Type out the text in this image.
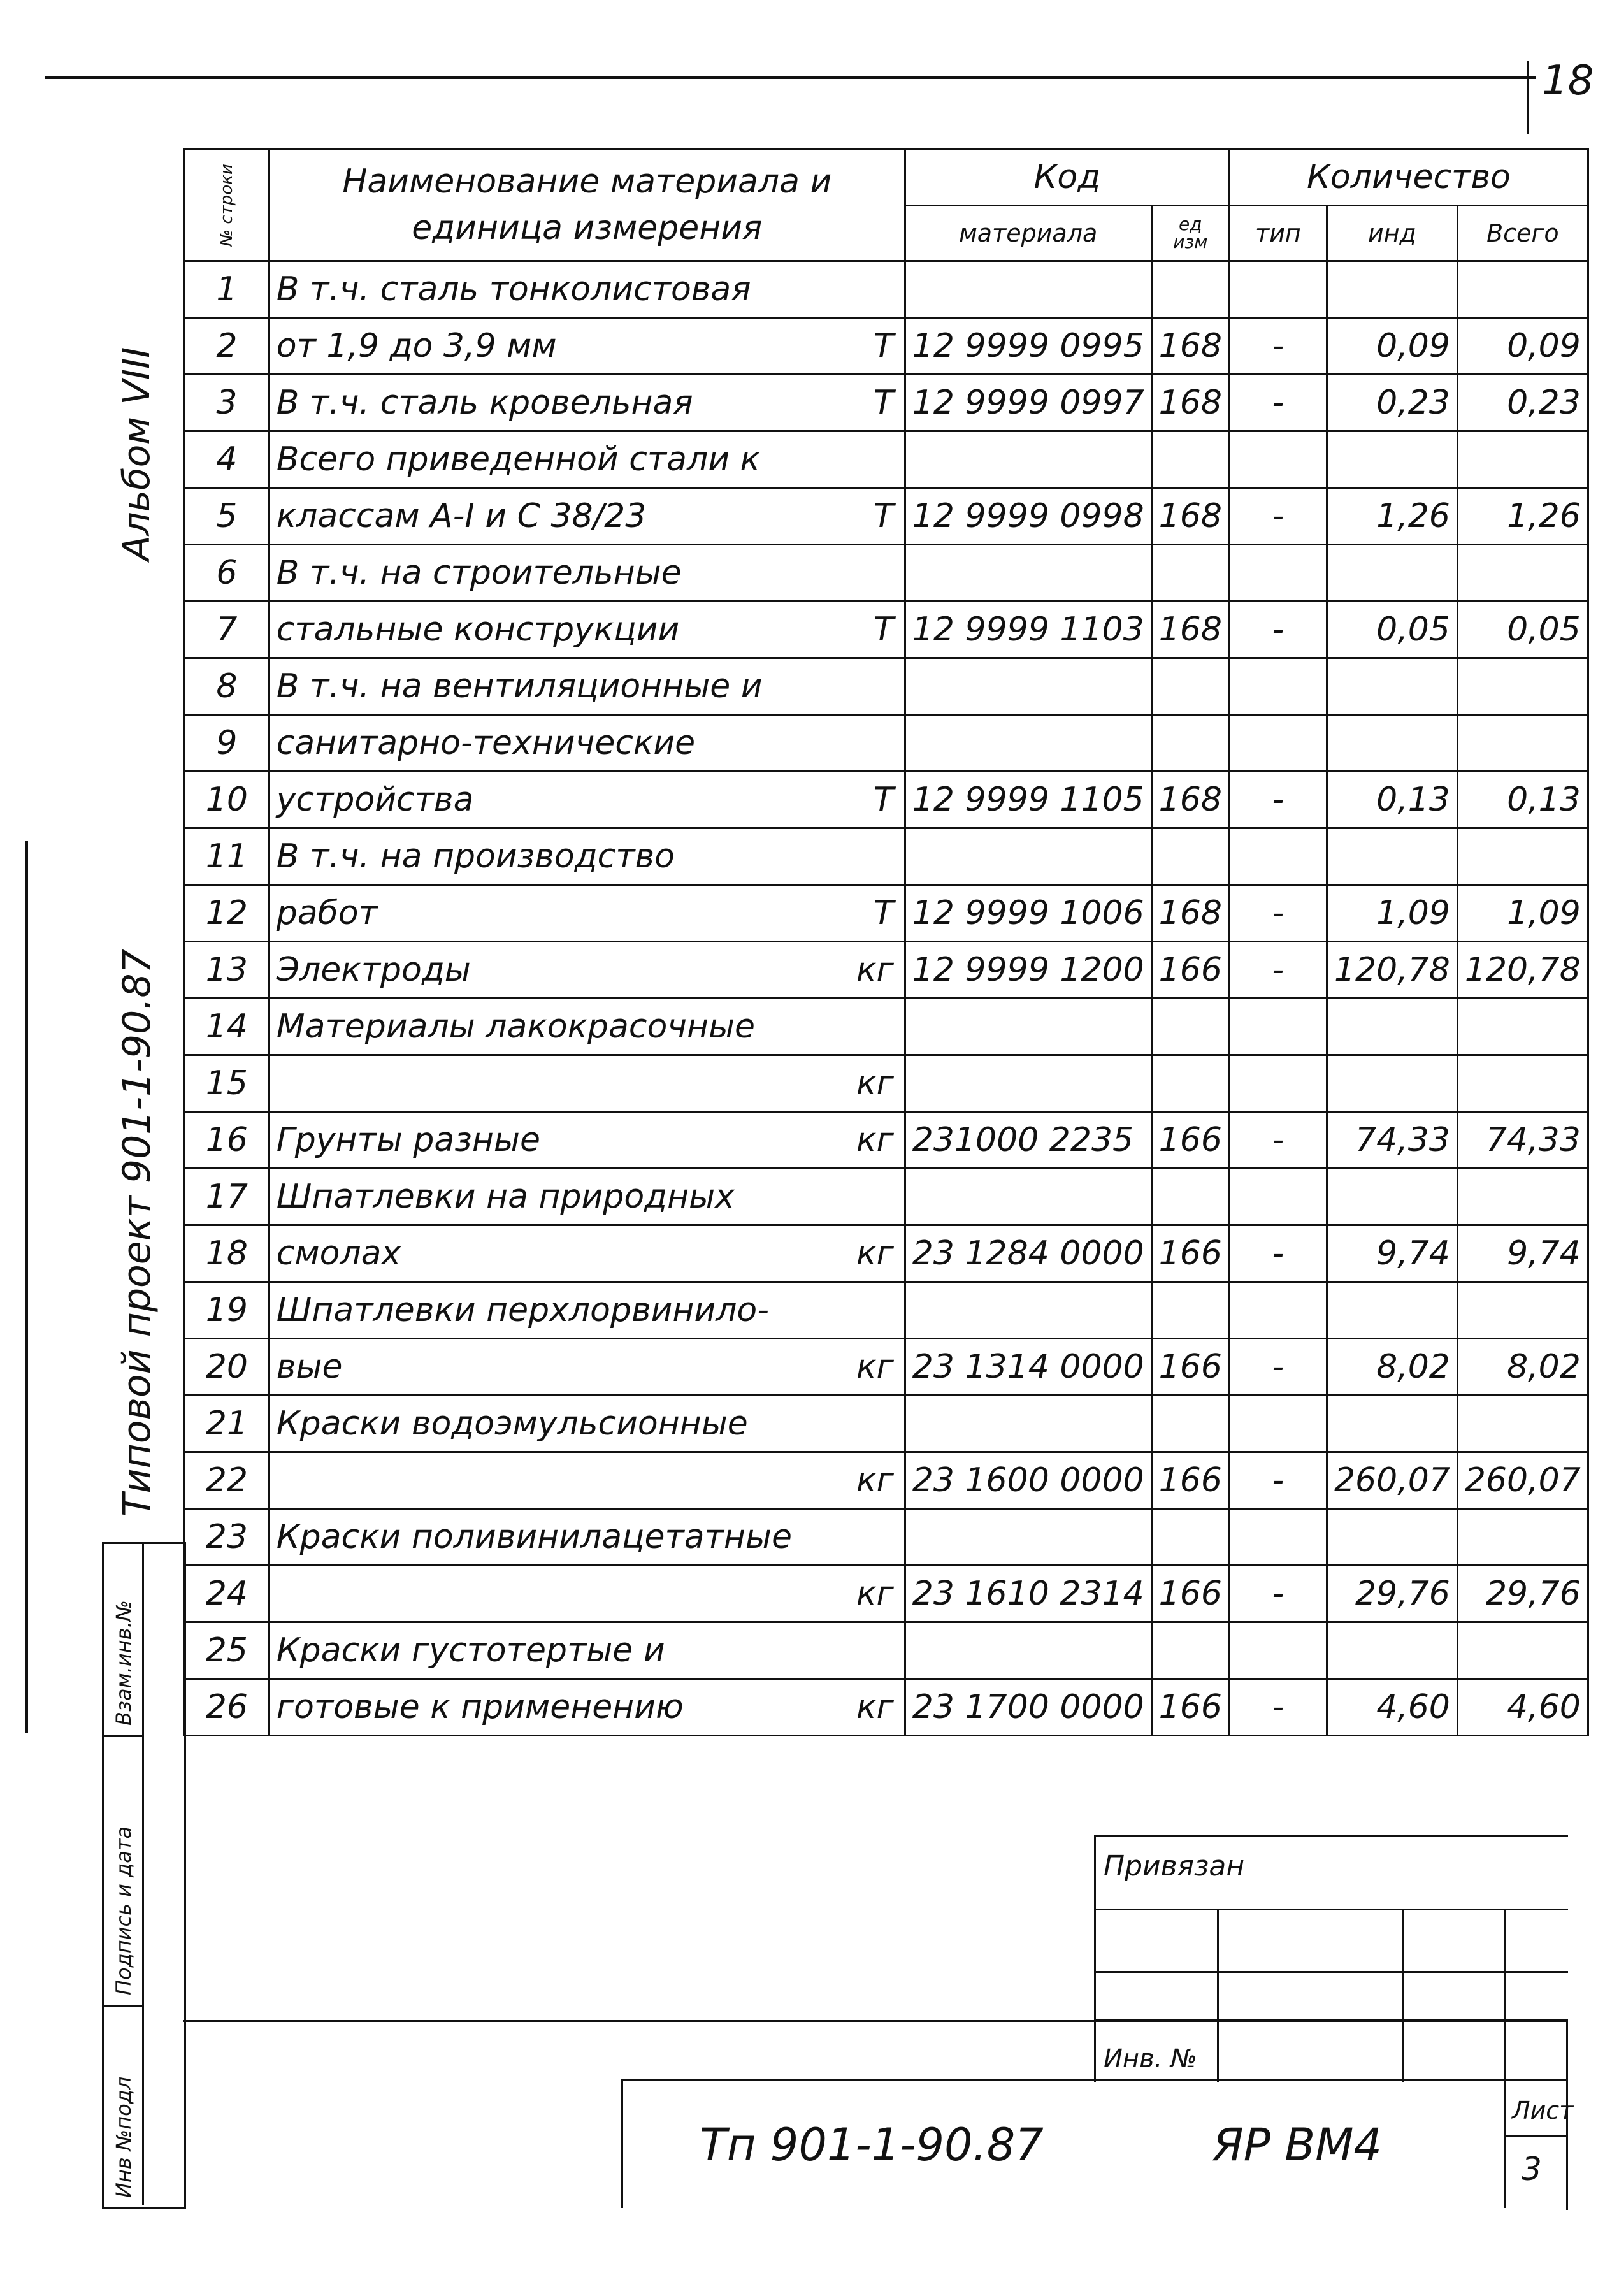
18
Альбом VIII
Типовой проект 901-1-90.87
Взам.инв.№
Подпись и дата
Инв №подл
№ строки	Наименование материала и единица измерения	Код		Количество		
		материала	ед изм	тип	инд	Всего
1	В т.ч. сталь тонколистовая					

2	от 1,9 до 3,9 мм Т	12 9999 0995	168	-	0,09	0,09
3	В т.ч. сталь кровельная Т	12 9999 0997	168	-	0,23	0,23
4	Всего приведенной стали к					

5	классам А-I и С 38/23 Т	12 9999 0998	168	-	1,26	1,26
6	В т.ч. на строительные					

7	стальные конструкции Т	12 9999 1103	168	-	0,05	0,05
8	В т.ч. на вентиляционные и					

9	санитарно-технические					

10	устройства Т	12 9999 1105	168	-	0,13	0,13
11	В т.ч. на производство					

12	работ Т	12 9999 1006	168	-	1,09	1,09
13	Электроды кг	12 9999 1200	166	-	120,78	120,78
14	Материалы лакокрасочные					

15	кг					

16	Грунты разные кг	231000 2235	166	-	74,33	74,33
17	Шпатлевки на природных					

18	смолах кг	23 1284 0000	166	-	9,74	9,74
19	Шпатлевки перхлорвинило-					

20	вые кг	23 1314 0000	166	-	8,02	8,02
21	Краски водоэмульсионные					

22	кг	23 1600 0000	166	-	260,07	260,07
23	Краски поливинилацетатные					

24	кг	23 1610 2314	166	-	29,76	29,76
25	Краски густотертые и					

26	готовые к применению кг	23 1700 0000	166	-	4,60	4,60
Привязан
Инв. №
Тп 901-1-90.87	ЯР ВМ4
Лист
3
